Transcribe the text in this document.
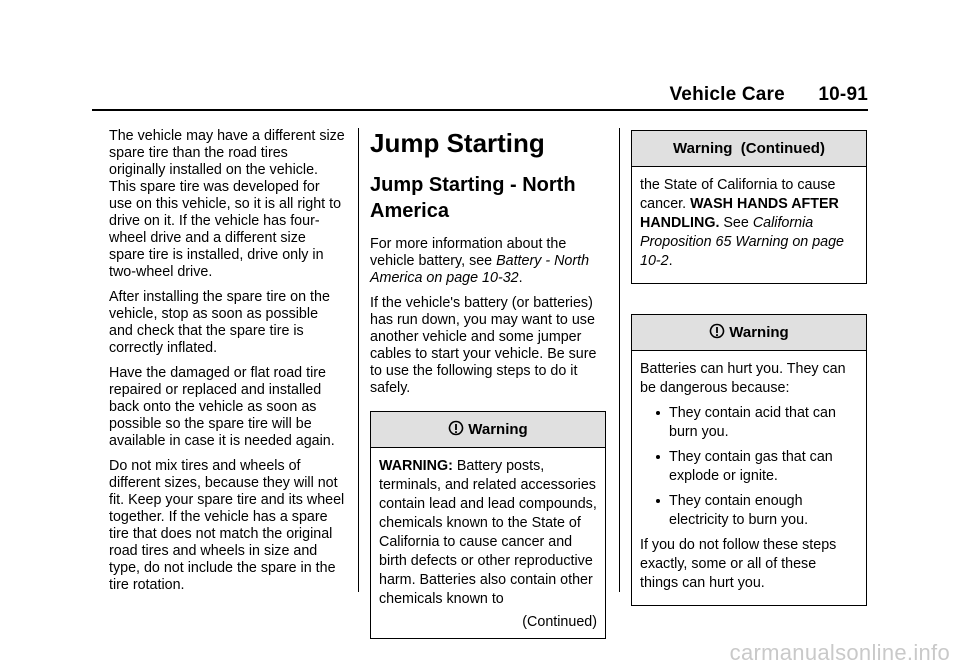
Vehicle Care 10-91

The vehicle may have a different size spare tire than the road tires originally installed on the vehicle. This spare tire was developed for use on this vehicle, so it is all right to drive on it. If the vehicle has four-wheel drive and a different size spare tire is installed, drive only in two-wheel drive.

After installing the spare tire on the vehicle, stop as soon as possible and check that the spare tire is correctly inflated.

Have the damaged or flat road tire repaired or replaced and installed back onto the vehicle as soon as possible so the spare tire will be available in case it is needed again.

Do not mix tires and wheels of different sizes, because they will not fit. Keep your spare tire and its wheel together. If the vehicle has a spare tire that does not match the original road tires and wheels in size and type, do not include the spare in the tire rotation.

Jump Starting
Jump Starting - North America

For more information about the vehicle battery, see Battery - North America on page 10-32.

If the vehicle's battery (or batteries) has run down, you may want to use another vehicle and some jumper cables to start your vehicle. Be sure to use the following steps to do it safely.

Warning

WARNING: Battery posts, terminals, and related accessories contain lead and lead compounds, chemicals known to the State of California to cause cancer and birth defects or other reproductive harm. Batteries also contain other chemicals known to

(Continued)
Warning  (Continued)

the State of California to cause cancer. WASH HANDS AFTER HANDLING. See California Proposition 65 Warning on page 10-2.

Warning

Batteries can hurt you. They can be dangerous because:

They contain acid that can burn you.
They contain gas that can explode or ignite.
They contain enough electricity to burn you.

If you do not follow these steps exactly, some or all of these things can hurt you.

carmanualsonline.info
